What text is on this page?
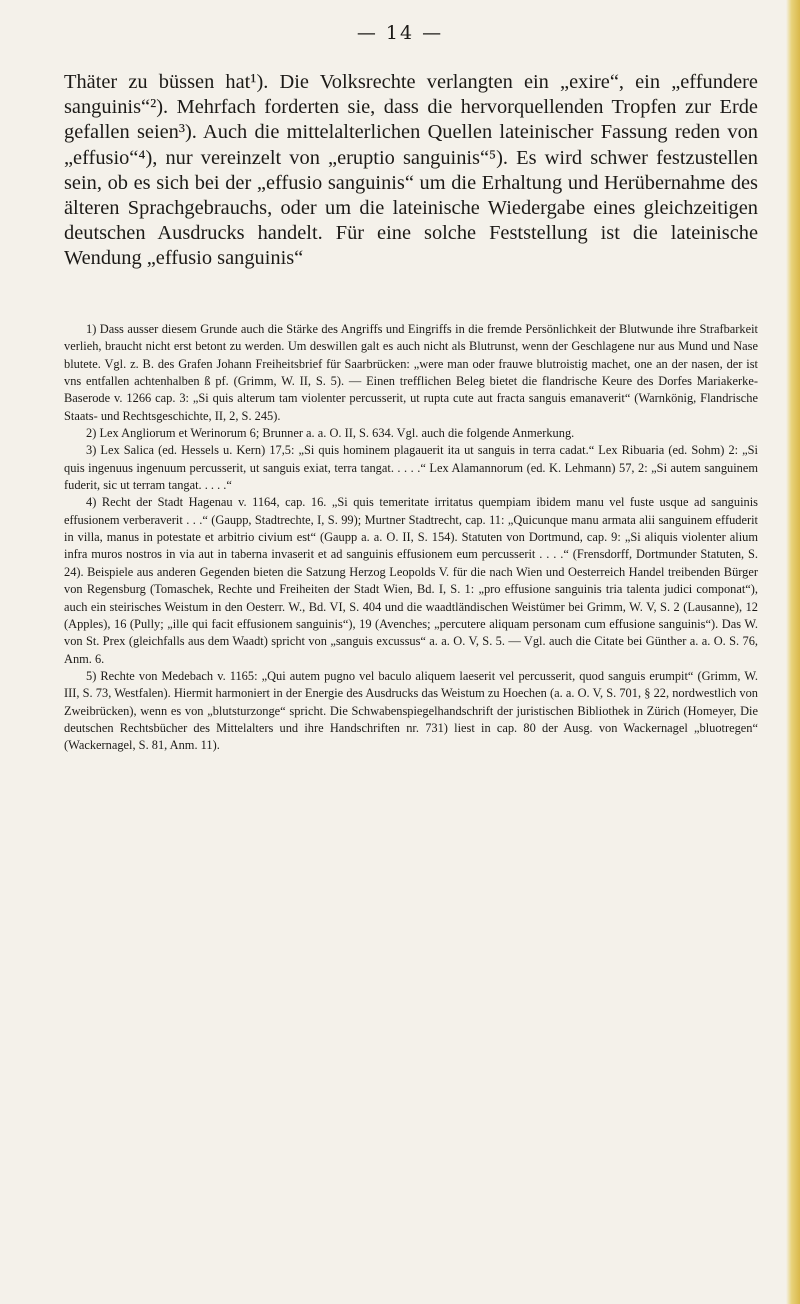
— 14 —

Thäter zu büssen hat¹). Die Volksrechte verlangten ein „exire“, ein „effundere sanguinis“²). Mehrfach forderten sie, dass die hervorquellenden Tropfen zur Erde gefallen seien³). Auch die mittelalterlichen Quellen lateinischer Fassung reden von „effusio“⁴), nur vereinzelt von „eruptio sanguinis“⁵). Es wird schwer festzustellen sein, ob es sich bei der „effusio sanguinis“ um die Erhaltung und Herübernahme des älteren Sprachgebrauchs, oder um die lateinische Wiedergabe eines gleichzeitigen deutschen Ausdrucks handelt. Für eine solche Feststellung ist die lateinische Wendung „effusio sanguinis“

1) Dass ausser diesem Grunde auch die Stärke des Angriffs und Eingriffs in die fremde Persönlichkeit der Blutwunde ihre Strafbarkeit verlieh, braucht nicht erst betont zu werden. Um deswillen galt es auch nicht als Blutrunst, wenn der Geschlagene nur aus Mund und Nase blutete. Vgl. z. B. des Grafen Johann Freiheitsbrief für Saarbrücken: „were man oder frauwe blutroistig machet, one an der nasen, der ist vns entfallen achtenhalben ß pf. (Grimm, W. II, S. 5). — Einen trefflichen Beleg bietet die flandrische Keure des Dorfes Mariakerke-Baserode v. 1266 cap. 3: „Si quis alterum tam violenter percusserit, ut rupta cute aut fracta sanguis emanaverit“ (Warnkönig, Flandrische Staats- und Rechtsgeschichte, II, 2, S. 245).

2) Lex Angliorum et Werinorum 6; Brunner a. a. O. II, S. 634. Vgl. auch die folgende Anmerkung.

3) Lex Salica (ed. Hessels u. Kern) 17,5: „Si quis hominem plagauerit ita ut sanguis in terra cadat.“ Lex Ribuaria (ed. Sohm) 2: „Si quis ingenuus ingenuum percusserit, ut sanguis exiat, terra tangat. . . . .“ Lex Alamannorum (ed. K. Lehmann) 57, 2: „Si autem sanguinem fuderit, sic ut terram tangat. . . . .“

4) Recht der Stadt Hagenau v. 1164, cap. 16. „Si quis temeritate irritatus quempiam ibidem manu vel fuste usque ad sanguinis effusionem verberaverit . . .“ (Gaupp, Stadtrechte, I, S. 99); Murtner Stadtrecht, cap. 11: „Quicunque manu armata alii sanguinem effuderit in villa, manus in potestate et arbitrio civium est“ (Gaupp a. a. O. II, S. 154). Statuten von Dortmund, cap. 9: „Si aliquis violenter alium infra muros nostros in via aut in taberna invaserit et ad sanguinis effusionem eum percusserit . . . .“ (Frensdorff, Dortmunder Statuten, S. 24). Beispiele aus anderen Gegenden bieten die Satzung Herzog Leopolds V. für die nach Wien und Oesterreich Handel treibenden Bürger von Regensburg (Tomaschek, Rechte und Freiheiten der Stadt Wien, Bd. I, S. 1: „pro effusione sanguinis tria talenta judici componat“), auch ein steirisches Weistum in den Oesterr. W., Bd. VI, S. 404 und die waadtländischen Weistümer bei Grimm, W. V, S. 2 (Lausanne), 12 (Apples), 16 (Pully; „ille qui facit effusionem sanguinis“), 19 (Avenches; „percutere aliquam personam cum effusione sanguinis“). Das W. von St. Prex (gleichfalls aus dem Waadt) spricht von „sanguis excussus“ a. a. O. V, S. 5. — Vgl. auch die Citate bei Günther a. a. O. S. 76, Anm. 6.

5) Rechte von Medebach v. 1165: „Qui autem pugno vel baculo aliquem laeserit vel percusserit, quod sanguis erumpit“ (Grimm, W. III, S. 73, Westfalen). Hiermit harmoniert in der Energie des Ausdrucks das Weistum zu Hoechen (a. a. O. V, S. 701, § 22, nordwestlich von Zweibrücken), wenn es von „blutsturzonge“ spricht. Die Schwabenspiegelhandschrift der juristischen Bibliothek in Zürich (Homeyer, Die deutschen Rechtsbücher des Mittelalters und ihre Handschriften nr. 731) liest in cap. 80 der Ausg. von Wackernagel „bluotregen“ (Wackernagel, S. 81, Anm. 11).
